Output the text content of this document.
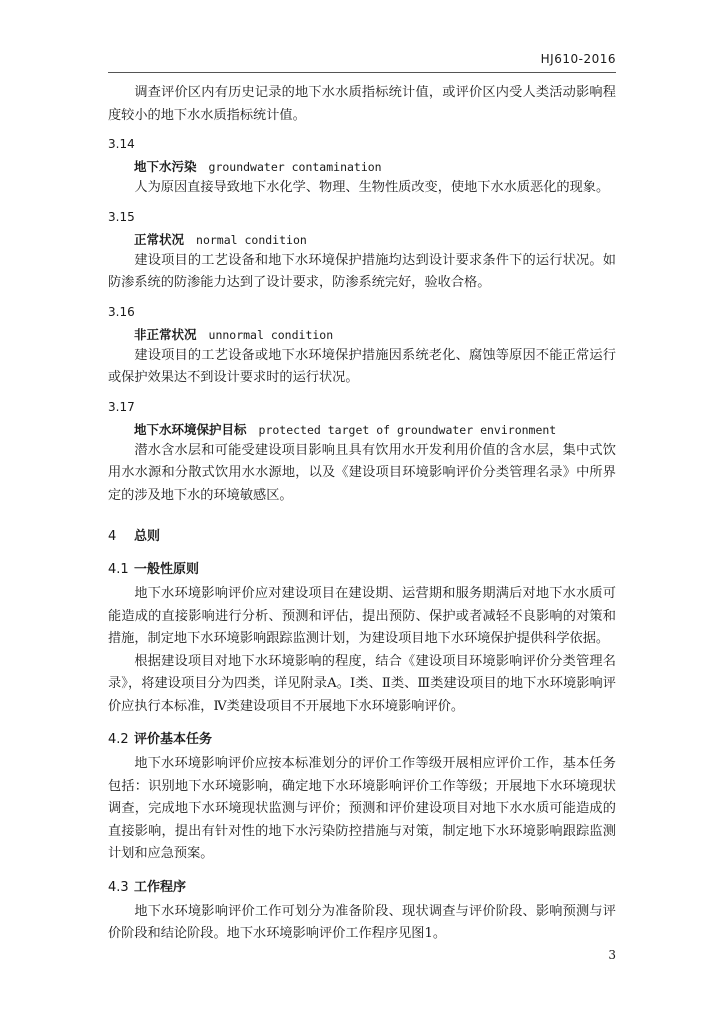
HJ610-2016

调查评价区内有历史记录的地下水水质指标统计值，或评价区内受人类活动影响程度较小的地下水水质指标统计值。

3.14
地下水污染 groundwater contamination

人为原因直接导致地下水化学、物理、生物性质改变，使地下水水质恶化的现象。

3.15
正常状况 normal condition

建设项目的工艺设备和地下水环境保护措施均达到设计要求条件下的运行状况。如防渗系统的防渗能力达到了设计要求，防渗系统完好，验收合格。

3.16
非正常状况 unnormal condition

建设项目的工艺设备或地下水环境保护措施因系统老化、腐蚀等原因不能正常运行或保护效果达不到设计要求时的运行状况。

3.17
地下水环境保护目标 protected target of groundwater environment

潜水含水层和可能受建设项目影响且具有饮用水开发利用价值的含水层，集中式饮用水水源和分散式饮用水水源地，以及《建设项目环境影响评价分类管理名录》中所界定的涉及地下水的环境敏感区。

4 总则
4.1 一般性原则

地下水环境影响评价应对建设项目在建设期、运营期和服务期满后对地下水水质可能造成的直接影响进行分析、预测和评估，提出预防、保护或者减轻不良影响的对策和措施，制定地下水环境影响跟踪监测计划，为建设项目地下水环境保护提供科学依据。

根据建设项目对地下水环境影响的程度，结合《建设项目环境影响评价分类管理名录》，将建设项目分为四类，详见附录A。Ⅰ类、Ⅱ类、Ⅲ类建设项目的地下水环境影响评价应执行本标准，Ⅳ类建设项目不开展地下水环境影响评价。

4.2 评价基本任务

地下水环境影响评价应按本标准划分的评价工作等级开展相应评价工作，基本任务包括：识别地下水环境影响，确定地下水环境影响评价工作等级；开展地下水环境现状调查，完成地下水环境现状监测与评价；预测和评价建设项目对地下水水质可能造成的直接影响，提出有针对性的地下水污染防控措施与对策，制定地下水环境影响跟踪监测计划和应急预案。

4.3 工作程序

地下水环境影响评价工作可划分为准备阶段、现状调查与评价阶段、影响预测与评价阶段和结论阶段。地下水环境影响评价工作程序见图1。

3
